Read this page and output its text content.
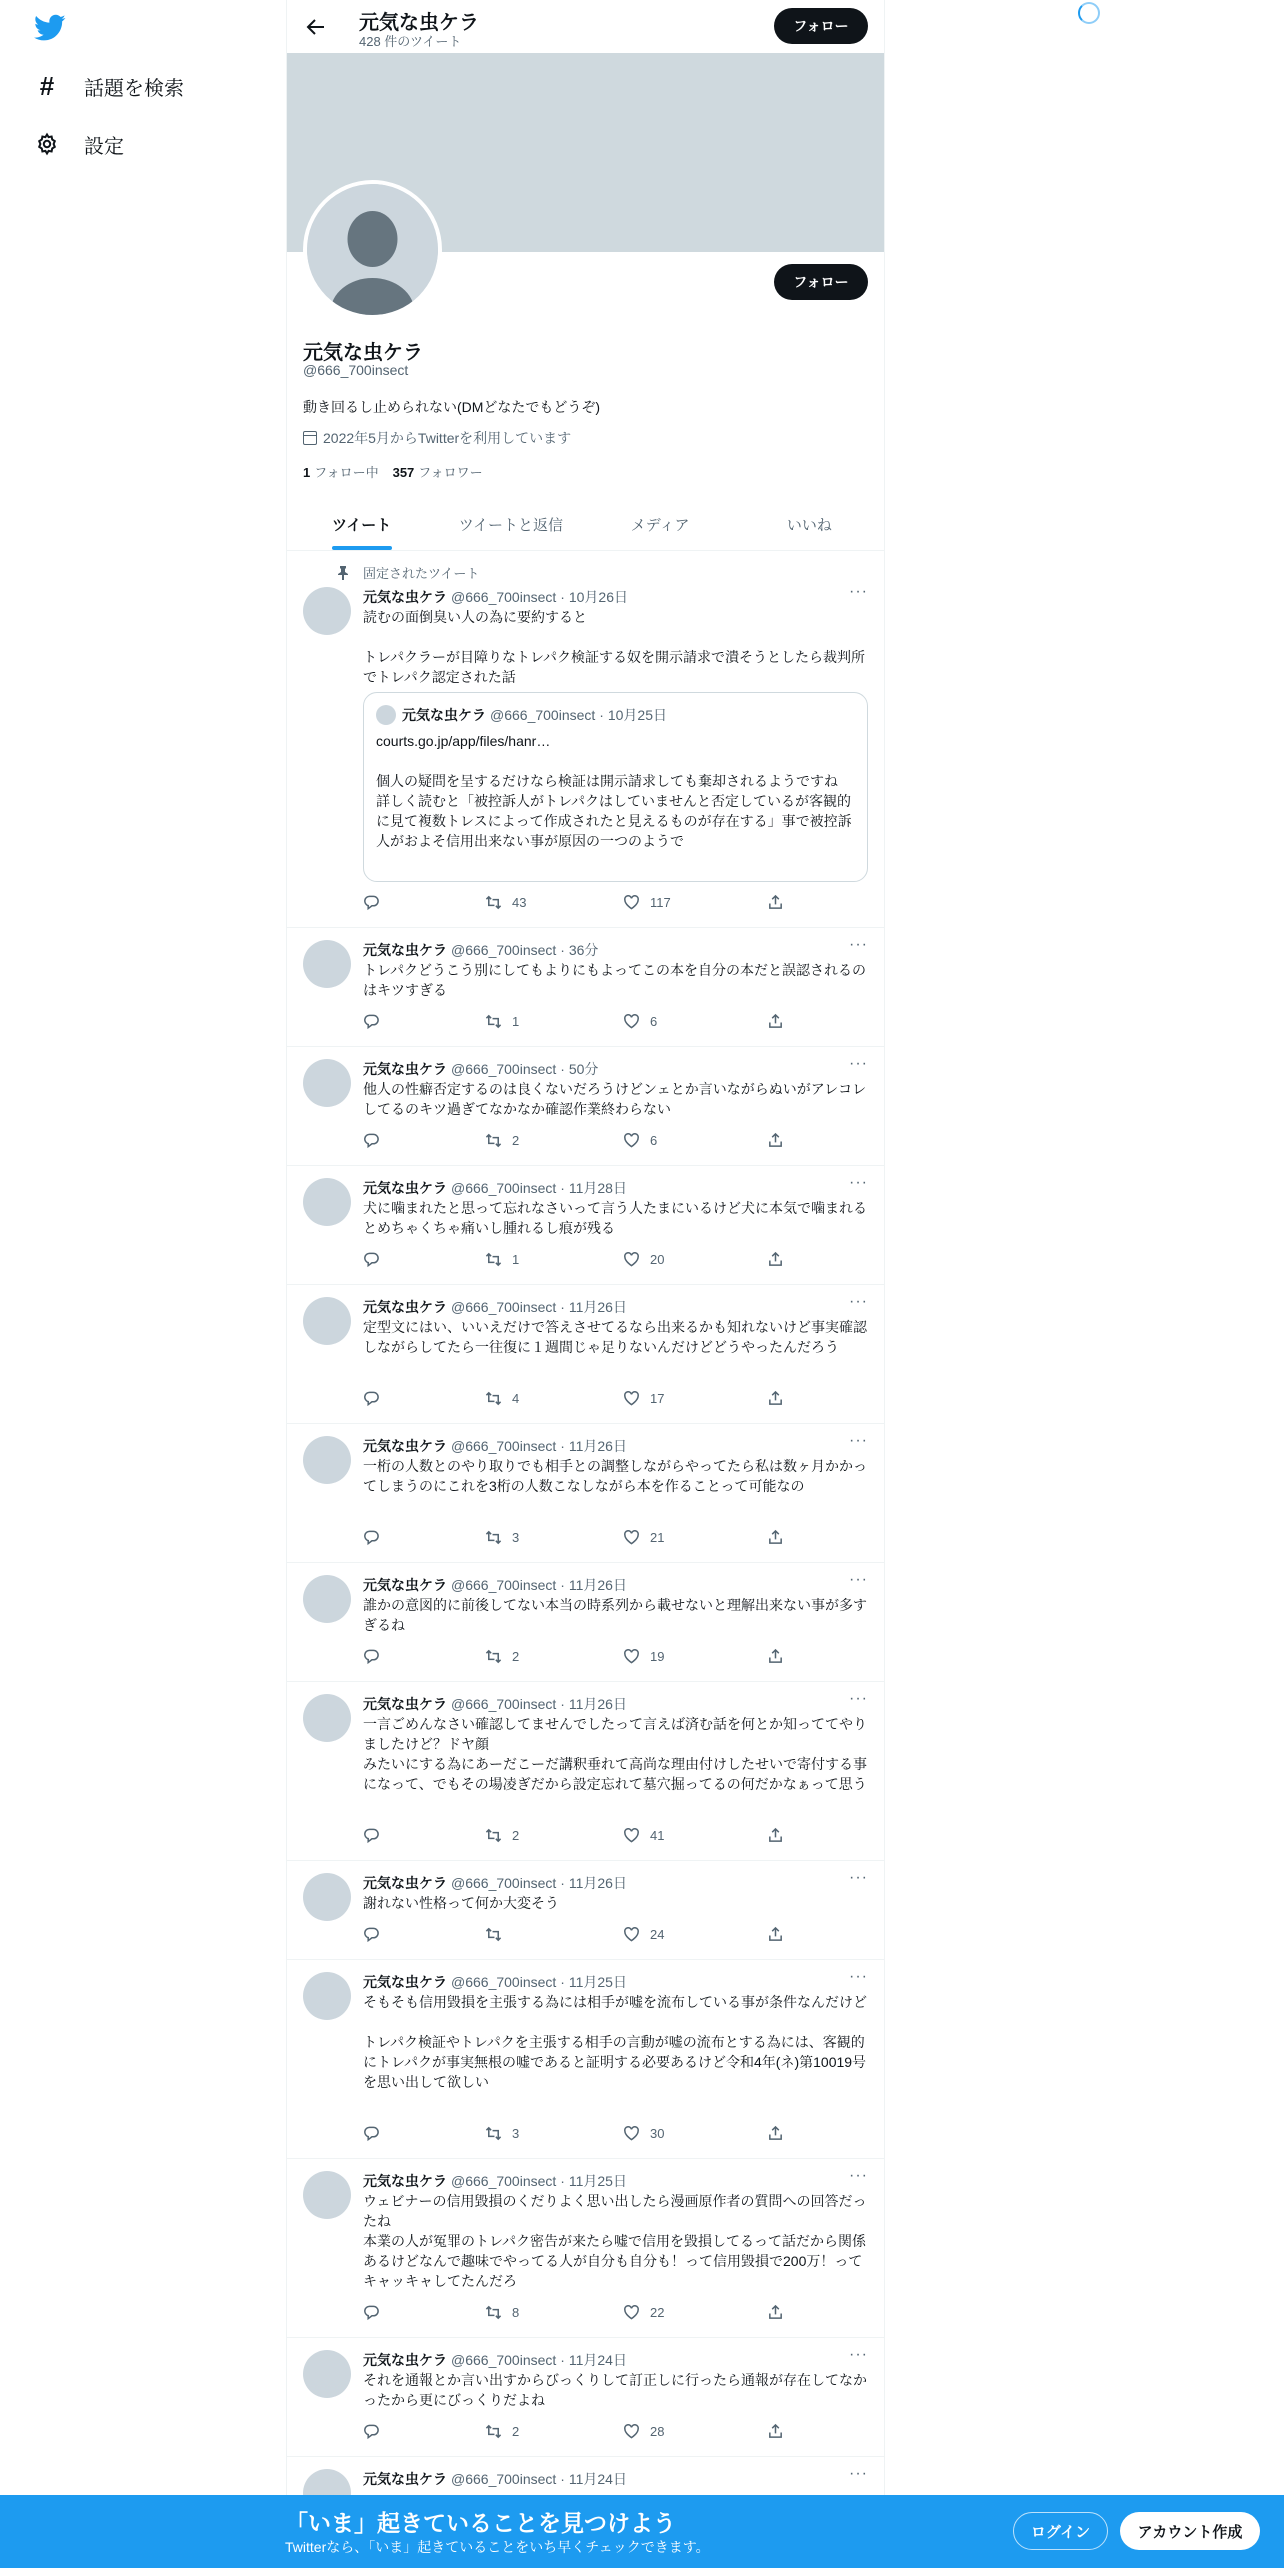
# 話題を検索
設定
元気な虫ケラ
428 件のツイート
フォロー
フォロー
元気な虫ケラ
@666_700insect
動き回るし止められない(DMどなたでもどうぞ)
2022年5月からTwitterを利用しています
1 フォロー中 357 フォロワー
ツイート	ツイートと返信	メディア	いいね
固定されたツイート
元気な虫ケラ @666_700insect · 10月26日	···
読むの面倒臭い人の為に要約すると

トレパクラーが目障りなトレパク検証する奴を開示請求で潰そうとしたら裁判所でトレパク認定された話
元気な虫ケラ @666_700insect · 10月25日
courts.go.jp/app/files/hanr…

個人の疑問を呈するだけなら検証は開示請求しても棄却されるようですね
詳しく読むと「被控訴人がトレパクはしていませんと否定しているが客観的に見て複数トレスによって作成されたと見えるものが存在する」事で被控訴人がおよそ信用出来ない事が原因の一つのようで
43	117
元気な虫ケラ @666_700insect · 36分	···
トレパクどうこう別にしてもよりにもよってこの本を自分の本だと誤認されるのはキツすぎる
1	6
元気な虫ケラ @666_700insect · 50分	···
他人の性癖否定するのは良くないだろうけどンェとか言いながらぬいがアレコレしてるのキツ過ぎてなかなか確認作業終わらない
2	6
元気な虫ケラ @666_700insect · 11月28日	···
犬に噛まれたと思って忘れなさいって言う人たまにいるけど犬に本気で噛まれるとめちゃくちゃ痛いし腫れるし痕が残る
1	20
元気な虫ケラ @666_700insect · 11月26日	···
定型文にはい、いいえだけで答えさせてるなら出来るかも知れないけど事実確認しながらしてたら一往復に１週間じゃ足りないんだけどどうやったんだろう
4	17
元気な虫ケラ @666_700insect · 11月26日	···
一桁の人数とのやり取りでも相手との調整しながらやってたら私は数ヶ月かかってしまうのにこれを3桁の人数こなしながら本を作ることって可能なの
3	21
元気な虫ケラ @666_700insect · 11月26日	···
誰かの意図的に前後してない本当の時系列から載せないと理解出来ない事が多すぎるね
2	19
元気な虫ケラ @666_700insect · 11月26日	···
一言ごめんなさい確認してませんでしたって言えば済む話を何とか知っててやりましたけど？ドヤ顔
みたいにする為にあーだこーだ講釈垂れて高尚な理由付けしたせいで寄付する事になって、でもその場凌ぎだから設定忘れて墓穴掘ってるの何だかなぁって思う
2	41
元気な虫ケラ @666_700insect · 11月26日	···
謝れない性格って何か大変そう
24
元気な虫ケラ @666_700insect · 11月25日	···
そもそも信用毀損を主張する為には相手が嘘を流布している事が条件なんだけど

トレパク検証やトレパクを主張する相手の言動が嘘の流布とする為には、客観的にトレパクが事実無根の嘘であると証明する必要あるけど令和4年(ネ)第10019号を思い出して欲しい
3	30
元気な虫ケラ @666_700insect · 11月25日	···
ウェビナーの信用毀損のくだりよく思い出したら漫画原作者の質問への回答だったね
本業の人が冤罪のトレパク密告が来たら嘘で信用を毀損してるって話だから関係あるけどなんで趣味でやってる人が自分も自分も！って信用毀損で200万！ってキャッキャしてたんだろ
8	22
元気な虫ケラ @666_700insect · 11月24日	···
それを通報とか言い出すからびっくりして訂正しに行ったら通報が存在してなかったから更にびっくりだよね
2	28
元気な虫ケラ @666_700insect · 11月24日	···
「いま」起きていることを見つけよう
Twitterなら、「いま」起きていることをいち早くチェックできます。
ログイン	アカウント作成
